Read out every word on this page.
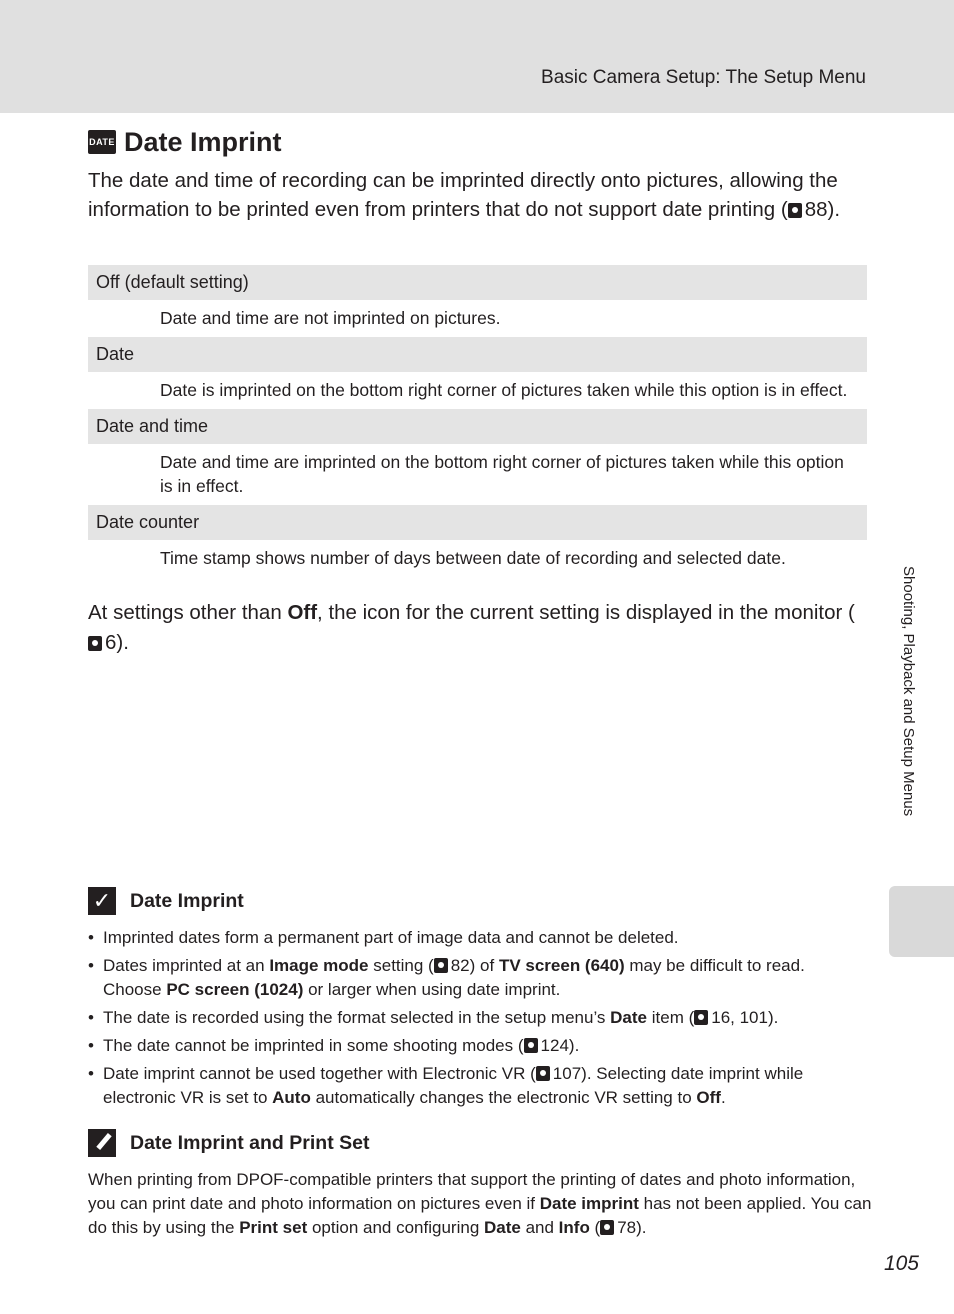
Basic Camera Setup: The Setup Menu
DATE Date Imprint

The date and time of recording can be imprinted directly onto pictures, allowing the information to be printed even from printers that do not support date printing ( 88).

Off (default setting)
Date and time are not imprinted on pictures.
Date
Date is imprinted on the bottom right corner of pictures taken while this option is in effect.
Date and time
Date and time are imprinted on the bottom right corner of pictures taken while this option is in effect.
Date counter
Time stamp shows number of days between date of recording and selected date.

At settings other than Off, the icon for the current setting is displayed in the monitor (6).

✓ Date Imprint
• Imprinted dates form a permanent part of image data and cannot be deleted.
• Dates imprinted at an Image mode setting ( 82) of TV screen (640) may be difficult to read. Choose PC screen (1024) or larger when using date imprint.
• The date is recorded using the format selected in the setup menu’s Date item ( 16, 101).
• The date cannot be imprinted in some shooting modes ( 124).
• Date imprint cannot be used together with Electronic VR ( 107). Selecting date imprint while electronic VR is set to Auto automatically changes the electronic VR setting to Off.
Date Imprint and Print Set

When printing from DPOF-compatible printers that support the printing of dates and photo information, you can print date and photo information on pictures even if Date imprint has not been applied. You can do this by using the Print set option and configuring Date and Info ( 78).

Shooting, Playback and Setup Menus
105
